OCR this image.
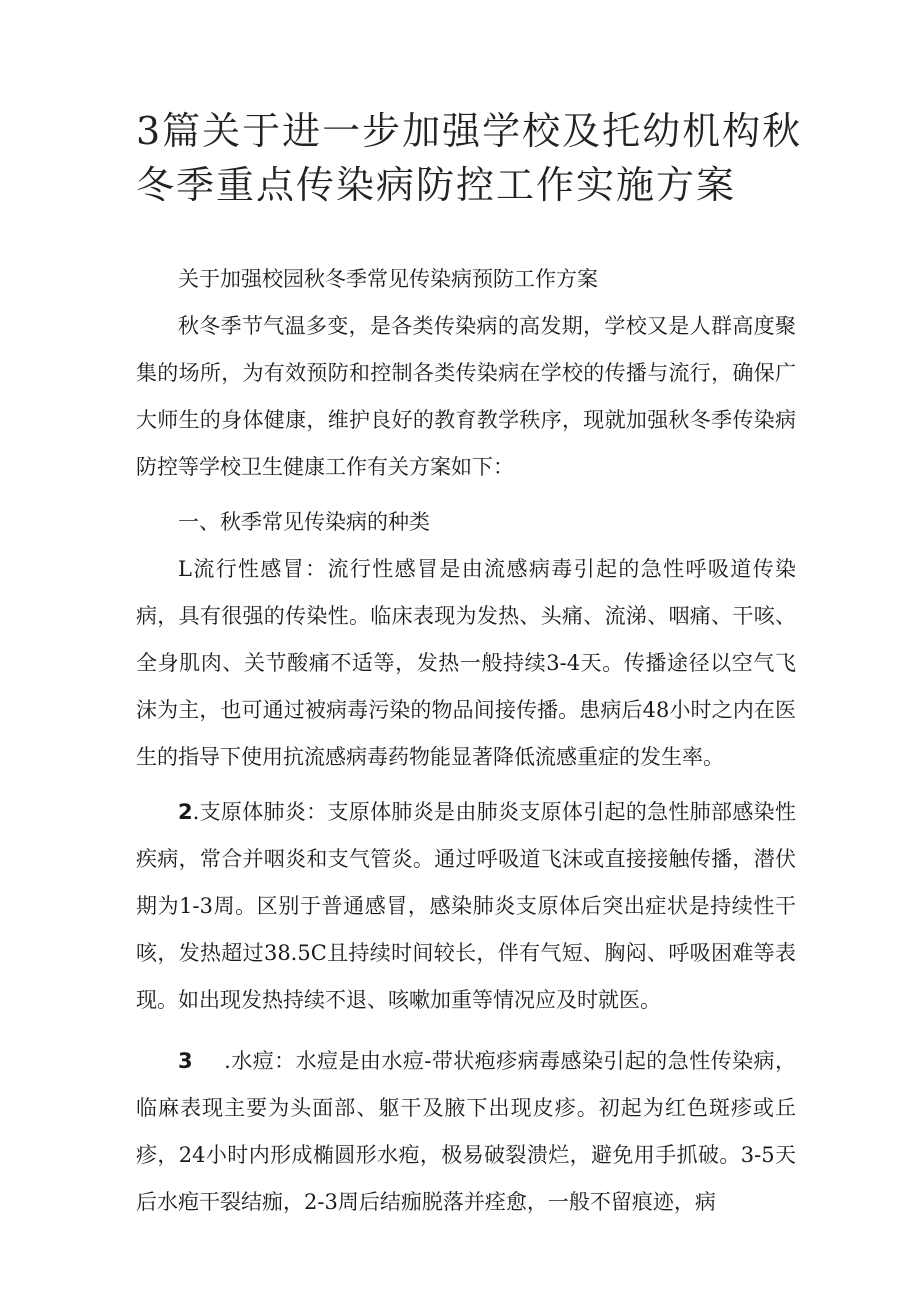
3篇关于进一步加强学校及托幼机构秋冬季重点传染病防控工作实施方案

关于加强校园秋冬季常见传染病预防工作方案

秋冬季节气温多变，是各类传染病的高发期，学校又是人群高度聚集的场所，为有效预防和控制各类传染病在学校的传播与流行，确保广大师生的身体健康，维护良好的教育教学秩序，现就加强秋冬季传染病防控等学校卫生健康工作有关方案如下：

一、秋季常见传染病的种类

L流行性感冒：流行性感冒是由流感病毒引起的急性呼吸道传染病，具有很强的传染性。临床表现为发热、头痛、流涕、咽痛、干咳、全身肌肉、关节酸痛不适等，发热一般持续3-4天。传播途径以空气飞沫为主，也可通过被病毒污染的物品间接传播。患病后48小时之内在医生的指导下使用抗流感病毒药物能显著降低流感重症的发生率。

2.支原体肺炎：支原体肺炎是由肺炎支原体引起的急性肺部感染性疾病，常合并咽炎和支气管炎。通过呼吸道飞沫或直接接触传播，潜伏期为1-3周。区别于普通感冒，感染肺炎支原体后突出症状是持续性干咳，发热超过38.5C且持续时间较长，伴有气短、胸闷、呼吸困难等表现。如出现发热持续不退、咳嗽加重等情况应及时就医。

3   .水痘：水痘是由水痘-带状疱疹病毒感染引起的急性传染病，临麻表现主要为头面部、躯干及腋下出现皮疹。初起为红色斑疹或丘疹，24小时内形成椭圆形水疱，极易破裂溃烂，避免用手抓破。3-5天后水疱干裂结痂，2-3周后结痂脱落并痊愈，一般不留痕迹，病
